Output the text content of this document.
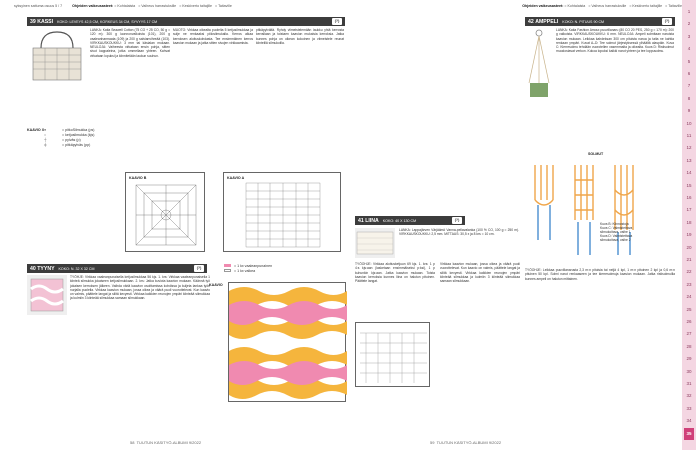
syksyinen sattuma osuus 5 / 7	Ohjeiden vaikeusasteet: = Kohtalaista = Vaiheus harrastuksille = Keskiverto taitajille = Taitaville	Ohjeiden vaikeusasteet: = Kohtalaista = Vaiheus harrastuksille = Keskiverto taitajille = Taitaville
1
2
3
4
5
6
7
8
9
10
11
12
13
14
15
16
17
18
19
20
21
22
23
24
25
26
27
28
29
30
31
32
33
34
35
39
KASSI KOKO: LEVEYS 42,5 CM, KORKEUS 34 CM, SYVYYS 17 CM	(?)
LANKA: Katia Seawell Cotton (75 CO + 25 CO, 50 g = 120 m): 300 g luonnonvalkoista (101), 200 g vaaleanharmaata (109) ja 200 g salvianvihreää (103). VIRKKAUSKOUKKU: 3 mm tai käsialan mukaan. NEULOJA: Vaiheesta virkataan ensin pohja, sitten sivut kappaleina, jotka ommellaan yhteen. Kahvat virkataan lopuksi ja kiinnitetään laukun suuhun.
MUOTO: Virkkaa oikealta puolelta 5 ketjusilmukkaa ja sulje ne renkaaksi piilosilmukalla. Kerros alkaa kerroksen aloituskohdasta. Tee ensimmäinen kerros kaavion mukaan ja jatka sitten sivujen virkkaamista.
pitkäpylväitä. Ryhdy viimeistelemään laukku yhtä kerrosta kerrallaan ja toistaen kaavion mukaisia kerroksia. Jatka kunnes pohja on oikean kokoinen ja viimeistele reunat kiinteillä silmukoilla.
KAAVIO X ●	= pitkoSilmukka (ps)
○	= ketjusilmukka (kjs)
┼	= pylväs (p)
╪	= pitkäpylväs (pp)
KAAVIO B	KAAVIO A
40
TYYNY KOKO: N. 32 X 32 CM	(?)
TYÖHJE: Virkkaa vaaleanpunaisella ketjusilmukkaa 56 kjs. 1. krs: Virkkaa vaaleanpunaisella 1 kiinteä silmukka jokaiseen ketjusilmukkaan. 2. krs: Jatka kuviota kaavion mukaan. Käännä työ jokaisen kerroksen jälkeen. Vaihda väriä kaavion osoittamissa kohdissa ja kuljeta lankaa työn nurjalla puolella. Virkkaa kaavion mukaan, jossa oikea ja väärä puoli vuorottelevat. Kun kaavio on valmis, päättele langat ja silitä kevyesti. Virkkaa kaikkien reunojen ympäri kiinteää silmukkaa ja kulmiin 3 kiinteää silmukkaa samaan silmukkaan.
= 1 kx vaaleanpunainen
= 1 kx valkea
KAAVIO
58 TUUTUN KÄSITYÖ-ALBUMI 9/2022
41
LIINA KOKO: 40 X 130 CM	(?)
LANKA: Lappajärven Värjäämö Vanna-pellavalanka (100 % CO, 100 g = 250 m). VIRKKAUSKOUKKU: 2,5 mm. MITTAUS: 30,5 x ja 8 krs = 10 cm.
TYÖOHJE: Virkkaa aloitusketjuun 69 kjs. 1. krs: 1 p 4:s kjs:aan (lasketaan ensimmäiseksi p:ksi), 1 p kuhunkin kjs:aan. Jatka kaavion mukaan. Toista kaavion kerroksia kunnes liina on halutun pituinen. Päättele langat.
Virkkaa kaavion mukaan, jossa oikea ja väärä puoli vuorottelevat. Kun kaavio on valmis, päättele langat ja silitä kevyesti. Virkkaa kaikkien reunojen ympäri kiinteää silmukkaa ja kulmiin 3 kiinteää silmukkaa samaan silmukkaan.
59 TUUTUN KÄSITYÖ-ALBUMI 9/2022
42
AMPPELI KOKO: N. PITUUS 90 CM	(?)
LANKA: Katia Fashion Amour-puuvillanaru (80 CO 20 PES, 250 g = 170 m): 200 g valkoista. VIRKKAUSKOUKKU: 6 mm. NEULOJA: Ampeli solmitaan naruista kaavion mukaan. Leikkaa kahdeksan 300 cm pituista narua ja taita ne kahtia renkaan ympäri. Kuvat A–D: Tee solmut järjestyksessä ylhäältä alaspäin. Kuva C: Kierresolmu tehdään vuorotellen vasemmalta ja oikealta. Kuva D: Ristisolmut muodostavat verkon. Kokoa lopuksi kaikki narut yhteen ja tee loppusolmu.
SOLMUT
Kuva B: Kiinnostoja
Kuva C: Valmistettava
silmukoitava, vaihe 1
Kuva D: Valmistettava
silmukoitava, vaihe 2
TYÖOHJE: Leikkaa puuvillanarusta 2,3 m:n pituisia tai neljä 4 kpl, 1 m:n pituinen 2 kpl ja 0,6 m:n pituinen 50 kpl. Solmi narut renkaaseen ja tee kierresolmuja kaavion mukaan. Jatka ristisolmuilla kunnes ampeli on halutun mittainen.
